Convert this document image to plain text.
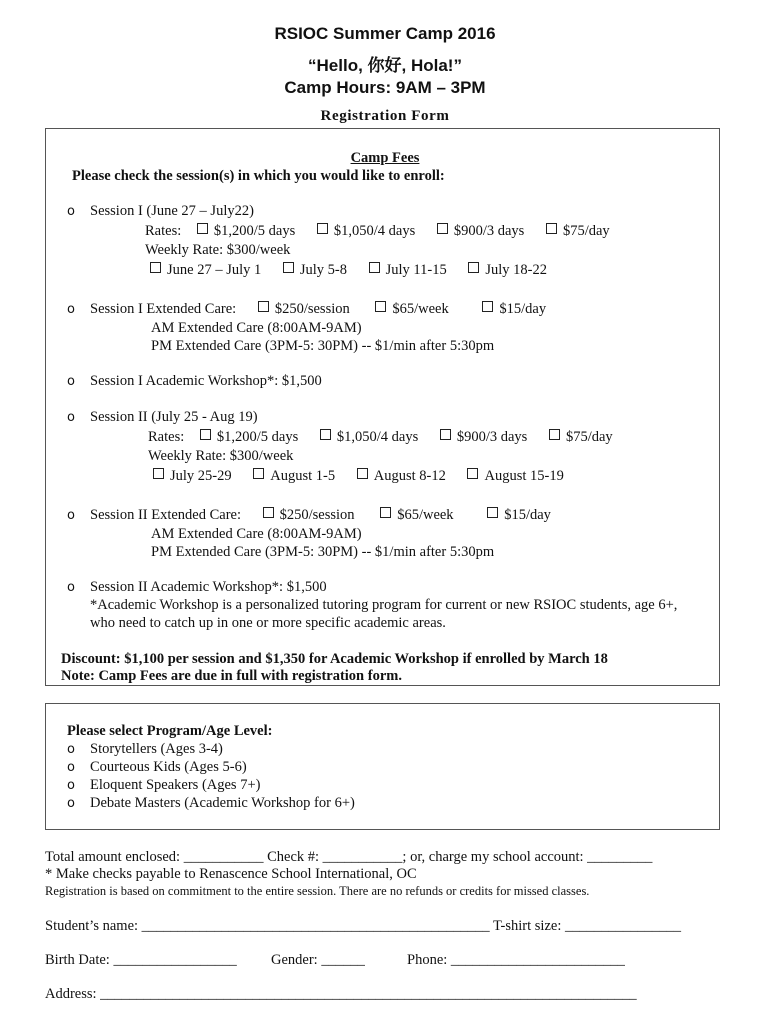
RSIOC Summer Camp 2016
“Hello, 你好, Hola!”
Camp Hours: 9AM – 3PM
Registration Form
Camp Fees
Please check the session(s) in which you would like to enroll:
o Session I (June 27 – July22)
Rates: $1,200/5 days	$1,050/4 days	$900/3 days	$75/day
Weekly Rate: $300/week
June 27 – July 1	July 5-8	July 11-15	July 18-22
o Session I Extended Care:	$250/session	$65/week	$15/day
AM Extended Care (8:00AM-9AM)
PM Extended Care (3PM-5: 30PM) -- $1/min after 5:30pm
o Session I Academic Workshop*: $1,500
o Session II (July 25 - Aug 19)
Rates: $1,200/5 days	$1,050/4 days	$900/3 days	$75/day
Weekly Rate: $300/week
July 25-29	August 1-5	August 8-12	August 15-19
o Session II Extended Care:	$250/session	$65/week	$15/day
AM Extended Care (8:00AM-9AM)
PM Extended Care (3PM-5: 30PM) -- $1/min after 5:30pm
o Session II Academic Workshop*: $1,500
*Academic Workshop is a personalized tutoring program for current or new RSIOC students, age 6+,
who need to catch up in one or more specific academic areas.
Discount: $1,100 per session and $1,350 for Academic Workshop if enrolled by March 18
Note: Camp Fees are due in full with registration form.
Please select Program/Age Level:
o Storytellers (Ages 3-4)
o Courteous Kids (Ages 5-6)
o Eloquent Speakers (Ages 7+)
o Debate Masters (Academic Workshop for 6+)
Total amount enclosed: ___________ Check #: ___________; or, charge my school account: _________
* Make checks payable to Renascence School International, OC
Registration is based on commitment to the entire session. There are no refunds or credits for missed classes.
Student’s name: ________________________________________________ T-shirt size: ________________
Birth Date: _________________ Gender: ______	Phone: ________________________
Address: __________________________________________________________________________
